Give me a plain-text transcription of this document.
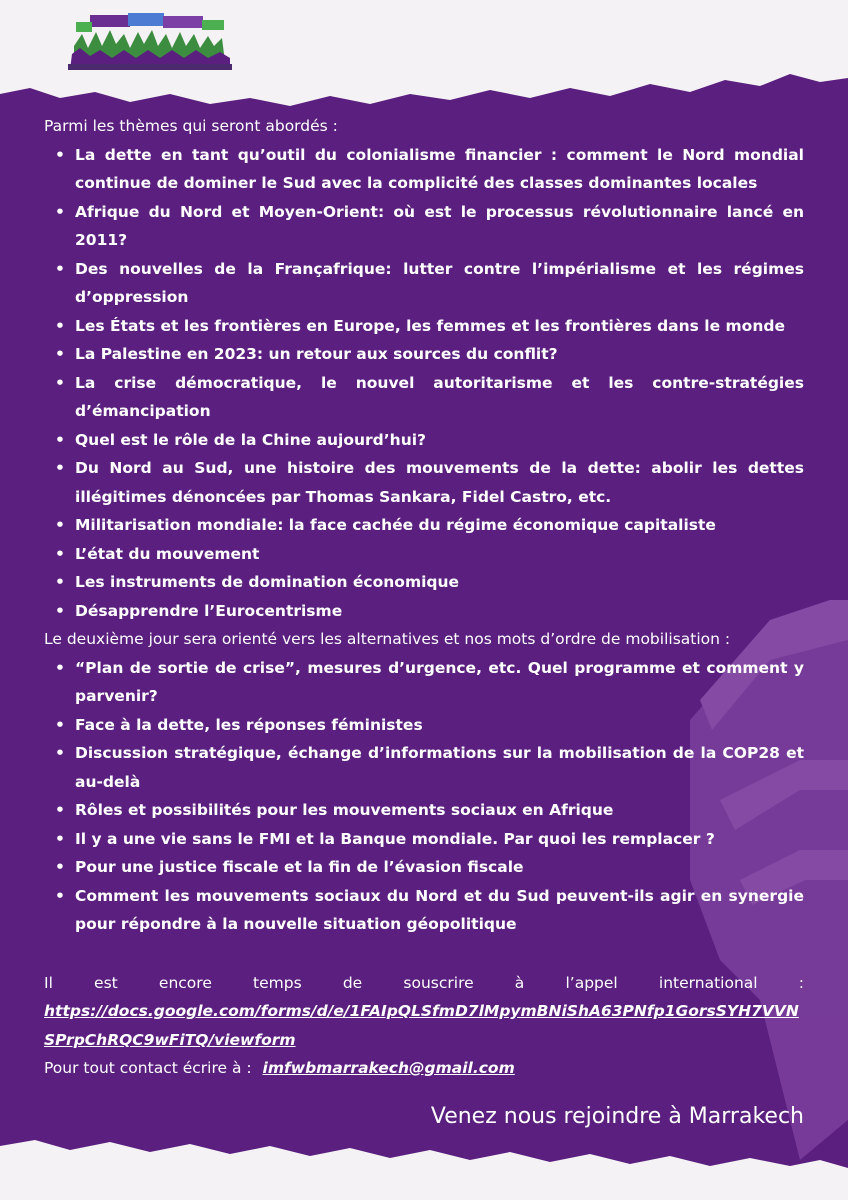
Parmi les thèmes qui seront abordés :

• La dette en tant qu’outil du colonialisme financier : comment le Nord mondial continue de dominer le Sud avec la complicité des classes dominantes locales
• Afrique du Nord et Moyen-Orient: où est le processus révolutionnaire lancé en 2011?
• Des nouvelles de la Françafrique: lutter contre l’impérialisme et les régimes d’oppression
• Les États et les frontières en Europe, les femmes et les frontières dans le monde
• La Palestine en 2023: un retour aux sources du conflit?
• La crise démocratique, le nouvel autoritarisme et les contre-stratégies d’émancipation
• Quel est le rôle de la Chine aujourd’hui?
• Du Nord au Sud, une histoire des mouvements de la dette: abolir les dettes illégitimes dénoncées par Thomas Sankara, Fidel Castro, etc.
• Militarisation mondiale: la face cachée du régime économique capitaliste
• L’état du mouvement
• Les instruments de domination économique
• Désapprendre l’Eurocentrisme

Le deuxième jour sera orienté vers les alternatives et nos mots d’ordre de mobilisation :

• “Plan de sortie de crise”, mesures d’urgence, etc. Quel programme et comment y parvenir?
• Face à la dette, les réponses féministes
• Discussion stratégique, échange d’informations sur la mobilisation de la COP28 et au-delà
• Rôles et possibilités pour les mouvements sociaux en Afrique
• Il y a une vie sans le FMI et la Banque mondiale. Par quoi les remplacer ?
• Pour une justice fiscale et la fin de l’évasion fiscale
• Comment les mouvements sociaux du Nord et du Sud peuvent-ils agir en synergie pour répondre à la nouvelle situation géopolitique
Il est encore temps de souscrire à l’appel international :
https://docs.google.com/forms/d/e/1FAIpQLSfmD7lMpymBNiShA63PNfp1GorsSYH7VVNSPrpChRQC9wFiTQ/viewform
Pour tout contact écrire à : imfwbmarrakech@gmail.com
Venez nous rejoindre à Marrakech
